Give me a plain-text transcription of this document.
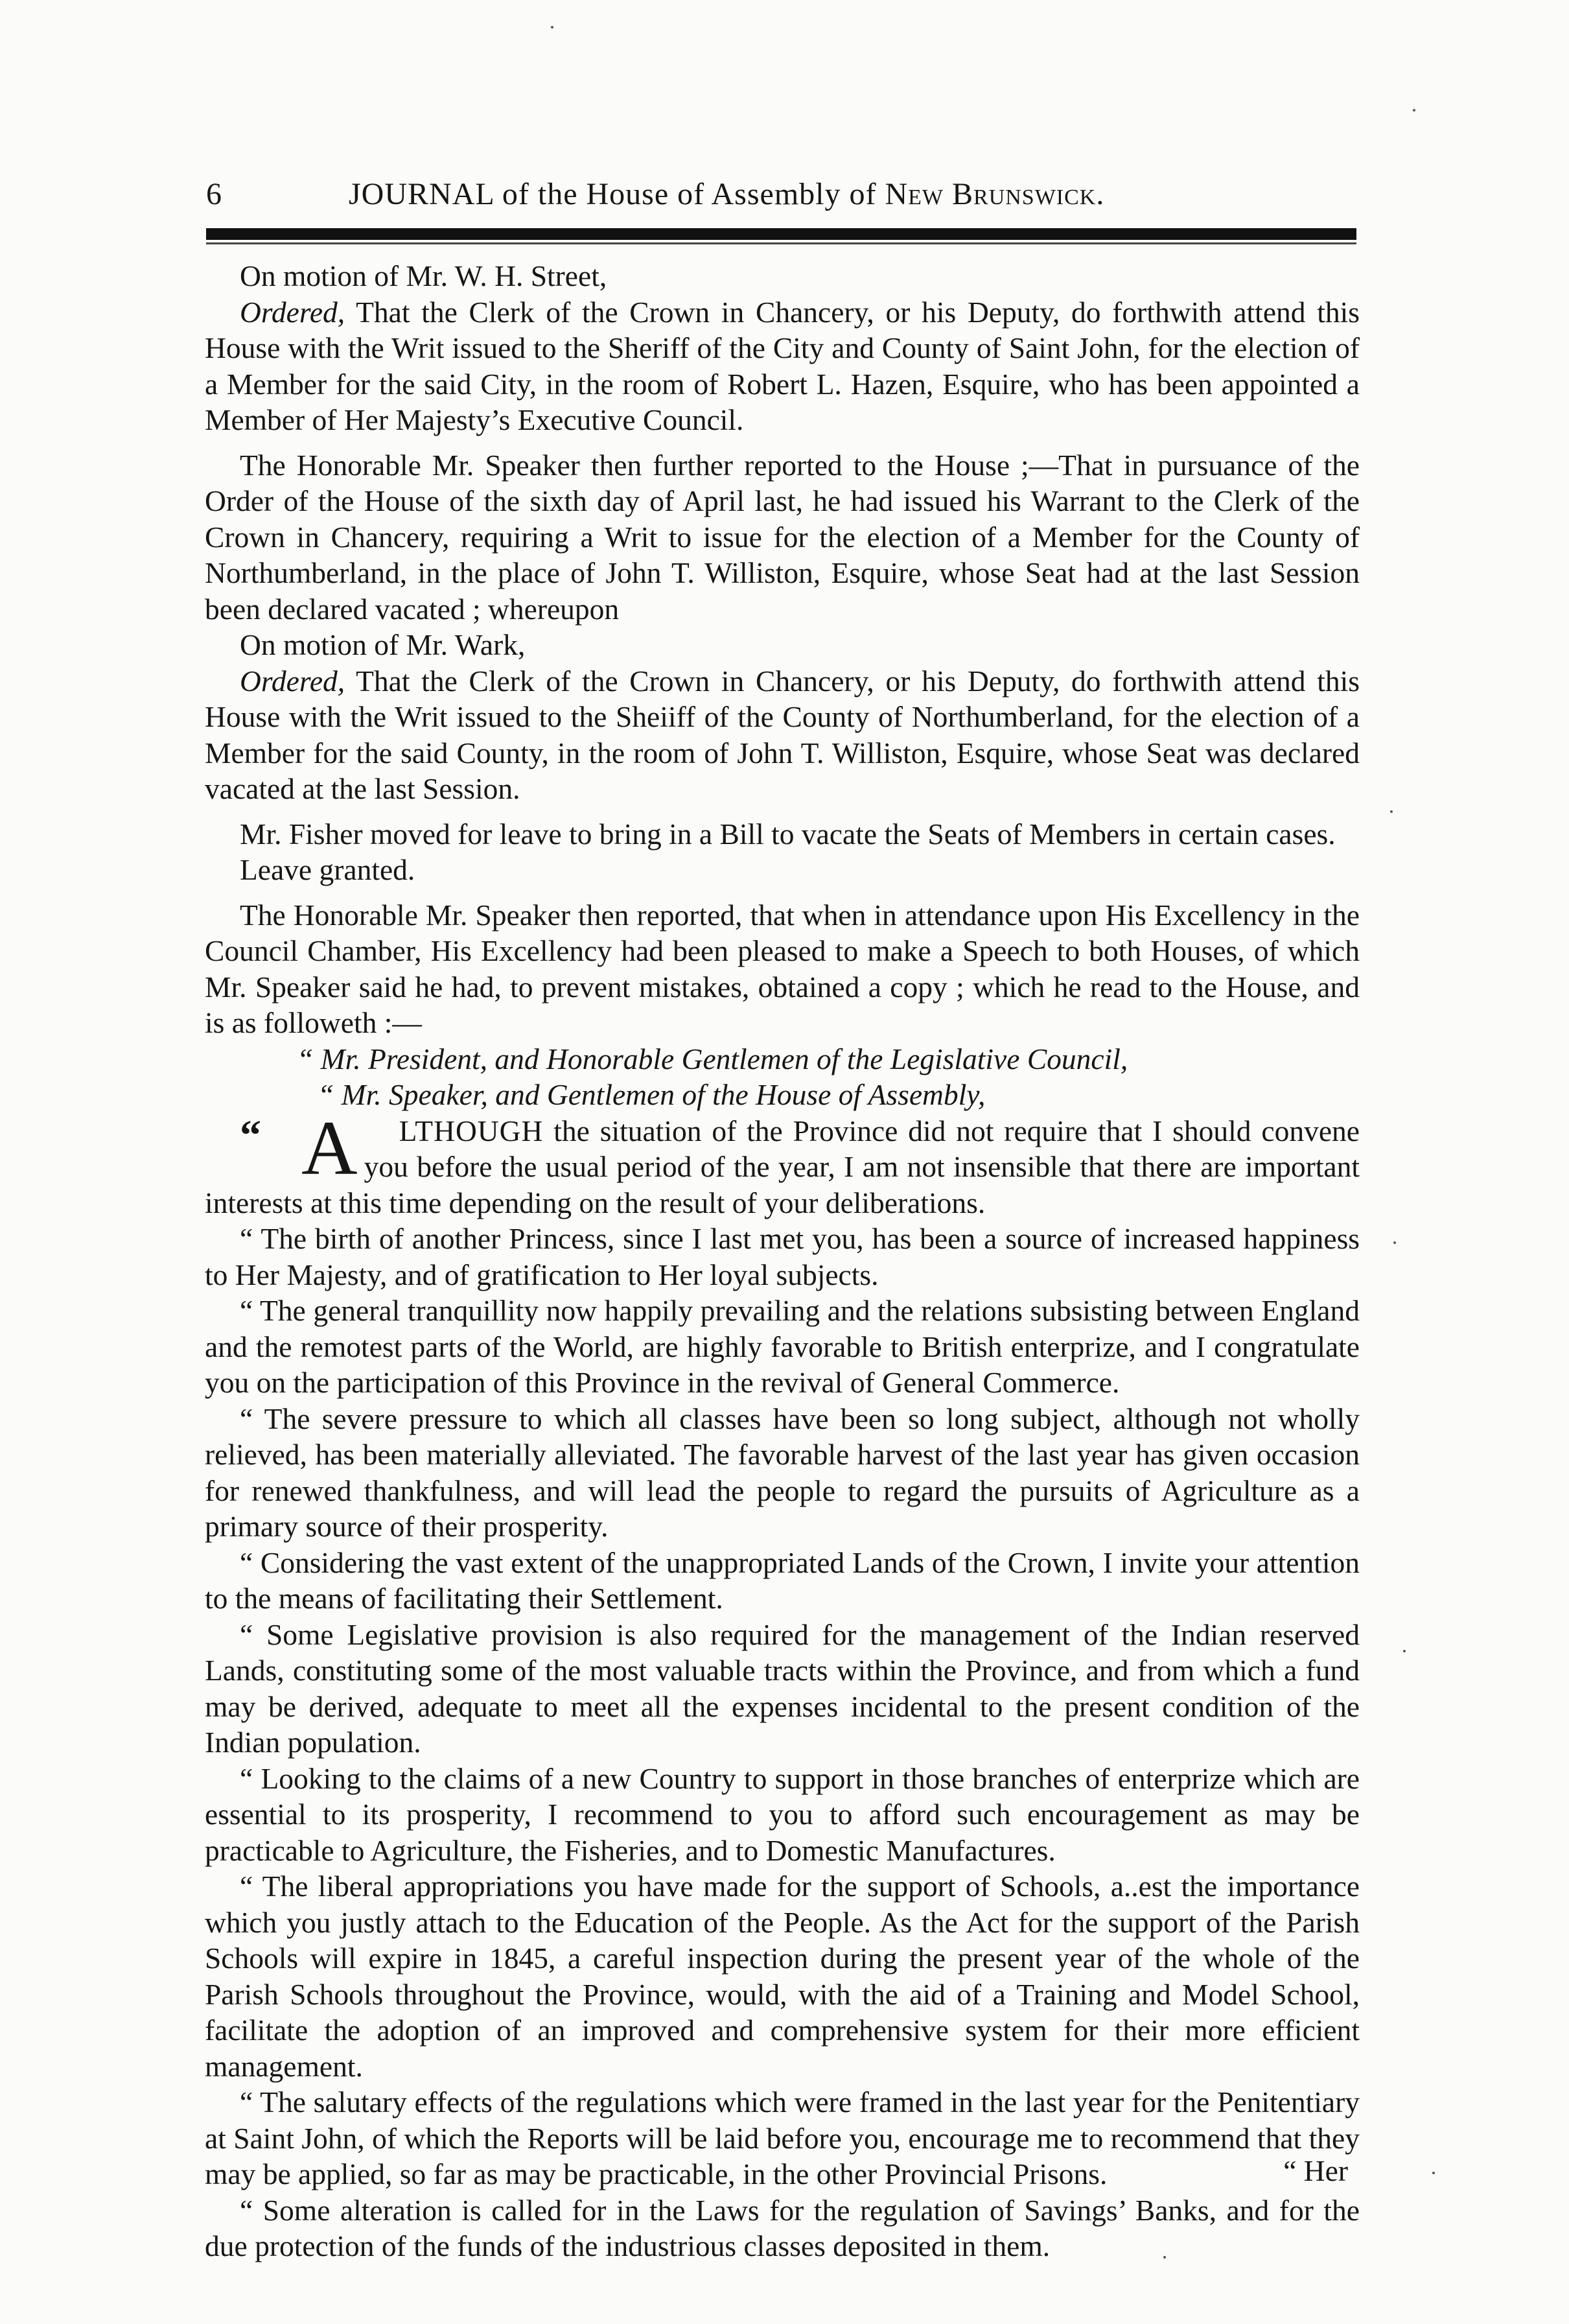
6	JOURNAL of the House of Assembly of New Brunswick.

On motion of Mr. W. H. Street,

Ordered, That the Clerk of the Crown in Chancery, or his Deputy, do forthwith attend this House with the Writ issued to the Sheriff of the City and County of Saint John, for the election of a Member for the said City, in the room of Robert L. Hazen, Esquire, who has been appointed a Member of Her Majesty’s Executive Council.

The Honorable Mr. Speaker then further reported to the House ;—That in pursuance of the Order of the House of the sixth day of April last, he had issued his Warrant to the Clerk of the Crown in Chancery, requiring a Writ to issue for the election of a Member for the County of Northumberland, in the place of John T. Williston, Esquire, whose Seat had at the last Session been declared vacated ; whereupon

On motion of Mr. Wark,

Ordered, That the Clerk of the Crown in Chancery, or his Deputy, do forthwith attend this House with the Writ issued to the Sheiiff of the County of Northumberland, for the election of a Member for the said County, in the room of John T. Williston, Esquire, whose Seat was declared vacated at the last Session.

Mr. Fisher moved for leave to bring in a Bill to vacate the Seats of Members in certain cases.

Leave granted.

The Honorable Mr. Speaker then reported, that when in attendance upon His Excellency in the Council Chamber, His Excellency had been pleased to make a Speech to both Houses, of which Mr. Speaker said he had, to prevent mistakes, obtained a copy ; which he read to the House, and is as followeth :—

“ Mr. President, and Honorable Gentlemen of the Legislative Council,

“ Mr. Speaker, and Gentlemen of the House of Assembly,

“ A LTHOUGH the situation of the Province did not require that I should convene you before the usual period of the year, I am not insensible that there are important interests at this time depending on the result of your deliberations.

“ The birth of another Princess, since I last met you, has been a source of increased happiness to Her Majesty, and of gratification to Her loyal subjects.

“ The general tranquillity now happily prevailing and the relations subsisting between England and the remotest parts of the World, are highly favorable to British enterprize, and I congratulate you on the participation of this Province in the revival of General Commerce.

“ The severe pressure to which all classes have been so long subject, although not wholly relieved, has been materially alleviated. The favorable harvest of the last year has given occasion for renewed thankfulness, and will lead the people to regard the pursuits of Agriculture as a primary source of their prosperity.

“ Considering the vast extent of the unappropriated Lands of the Crown, I invite your attention to the means of facilitating their Settlement.

“ Some Legislative provision is also required for the management of the Indian reserved Lands, constituting some of the most valuable tracts within the Province, and from which a fund may be derived, adequate to meet all the expenses incidental to the present condition of the Indian population.

“ Looking to the claims of a new Country to support in those branches of enterprize which are essential to its prosperity, I recommend to you to afford such encouragement as may be practicable to Agriculture, the Fisheries, and to Domestic Manufactures.

“ The liberal appropriations you have made for the support of Schools, a..est the importance which you justly attach to the Education of the People. As the Act for the support of the Parish Schools will expire in 1845, a careful inspection during the present year of the whole of the Parish Schools throughout the Province, would, with the aid of a Training and Model School, facilitate the adoption of an improved and comprehensive system for their more efficient management.

“ The salutary effects of the regulations which were framed in the last year for the Penitentiary at Saint John, of which the Reports will be laid before you, encourage me to recommend that they may be applied, so far as may be practicable, in the other Provincial Prisons.

“ Some alteration is called for in the Laws for the regulation of Savings’ Banks, and for the due protection of the funds of the industrious classes deposited in them.

“ Her
